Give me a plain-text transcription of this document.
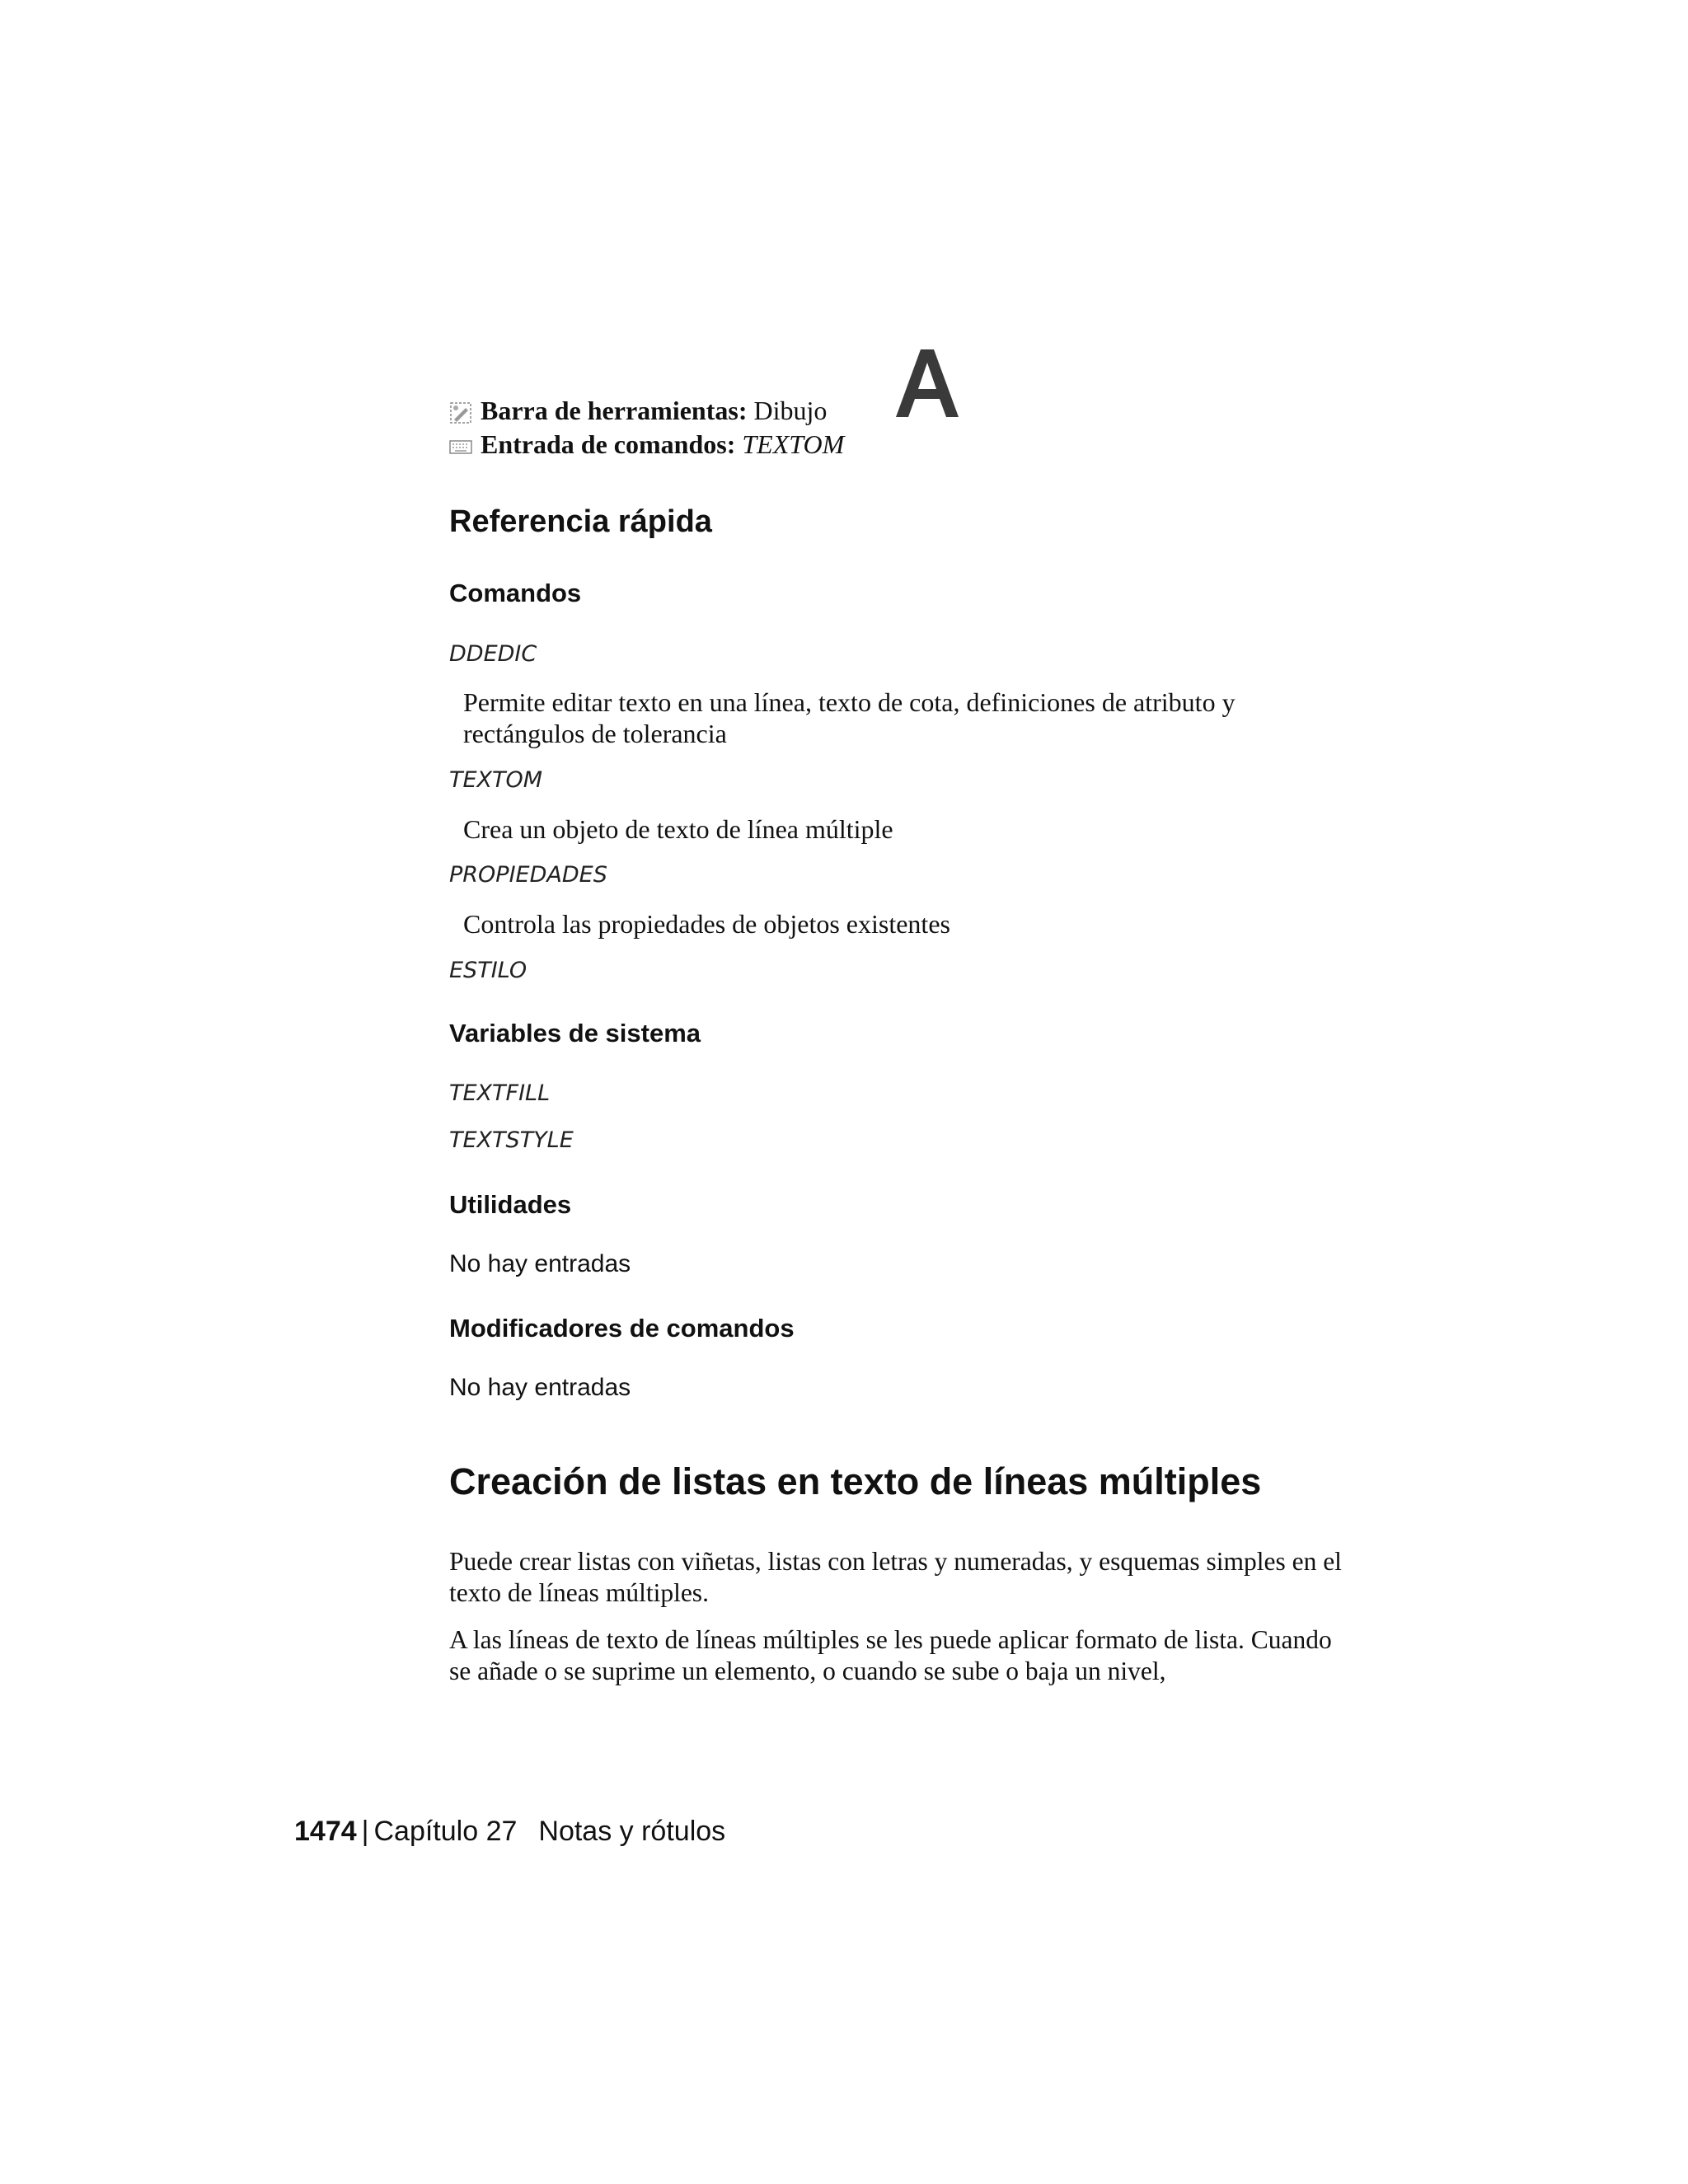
Barra de herramientas:
Dibujo
Entrada de comandos:
TEXTOM
Referencia rápida
Comandos
DDEDIC

Permite editar texto en una línea, texto de cota, definiciones de atributo y rectángulos de tolerancia

TEXTOM

Crea un objeto de texto de línea múltiple

PROPIEDADES

Controla las propiedades de objetos existentes

ESTILO
Variables de sistema
TEXTFILL
TEXTSTYLE
Utilidades
No hay entradas
Modificadores de comandos
No hay entradas
Creación de listas en texto de líneas múltiples

Puede crear listas con viñetas, listas con letras y numeradas, y esquemas simples en el texto de líneas múltiples.

A las líneas de texto de líneas múltiples se les puede aplicar formato de lista. Cuando se añade o se suprime un elemento, o cuando se sube o baja un nivel,

1474 | Capítulo 27 Notas y rótulos
